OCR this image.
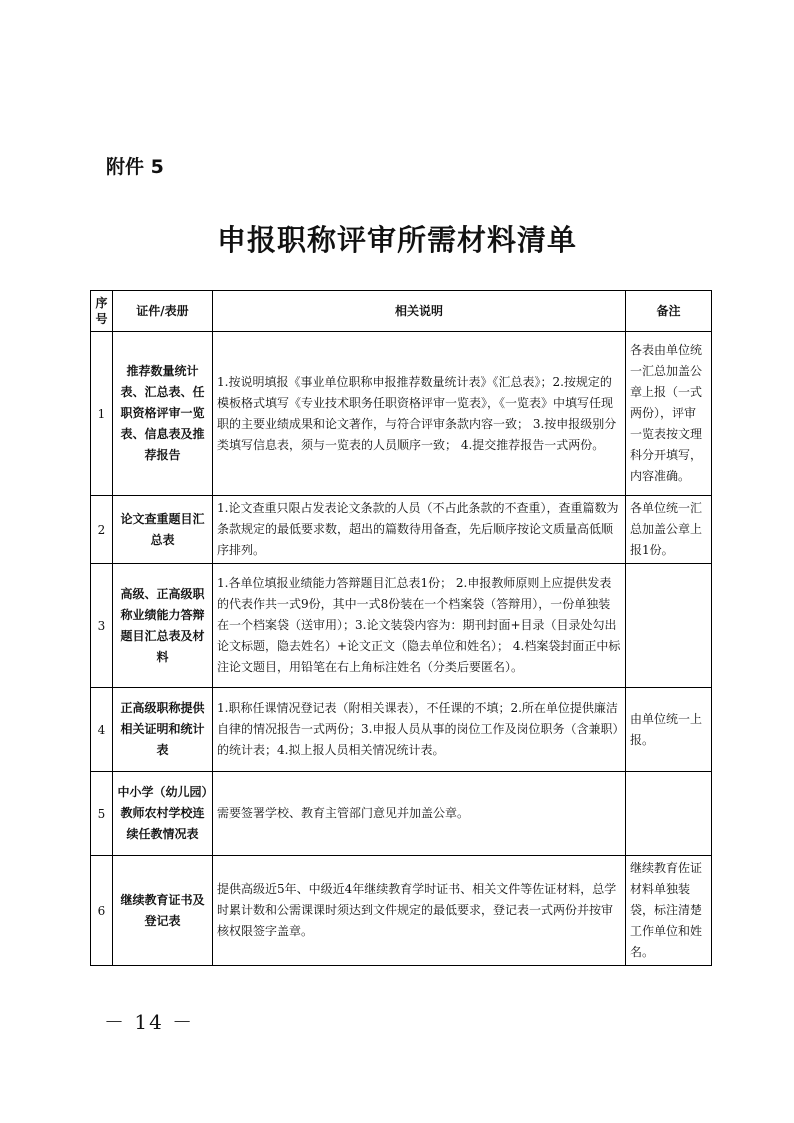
附件 5
申报职称评审所需材料清单
序号	证件/表册	相关说明	备注
1	推荐数量统计表、汇总表、任职资格评审一览表、信息表及推荐报告	1.按说明填报《事业单位职称申报推荐数量统计表》《汇总表》；2.按规定的模板格式填写《专业技术职务任职资格评审一览表》，《一览表》中填写任现职的主要业绩成果和论文著作，与符合评审条款内容一致； 3.按申报级别分类填写信息表，须与一览表的人员顺序一致； 4.提交推荐报告一式两份。	各表由单位统一汇总加盖公章上报（一式两份），评审一览表按文理科分开填写，内容准确。
2	论文查重题目汇总表	1.论文查重只限占发表论文条款的人员（不占此条款的不查重），查重篇数为条款规定的最低要求数，超出的篇数待用备查，先后顺序按论文质量高低顺序排列。	各单位统一汇总加盖公章上报1份。
3	高级、正高级职称业绩能力答辩题目汇总表及材料	1.各单位填报业绩能力答辩题目汇总表1份； 2.申报教师原则上应提供发表的代表作共一式9份，其中一式8份装在一个档案袋（答辩用），一份单独装在一个档案袋（送审用）；3.论文装袋内容为：期刊封面+目录（目录处勾出论文标题，隐去姓名）+论文正文（隐去单位和姓名）； 4.档案袋封面正中标注论文题目，用铅笔在右上角标注姓名（分类后要匿名）。	
4	正高级职称提供相关证明和统计表	1.职称任课情况登记表（附相关课表），不任课的不填；2.所在单位提供廉洁自律的情况报告一式两份；3.申报人员从事的岗位工作及岗位职务（含兼职）的统计表；4.拟上报人员相关情况统计表。	由单位统一上报。
5	中小学（幼儿园）教师农村学校连续任教情况表	需要签署学校、教育主管部门意见并加盖公章。	
6	继续教育证书及登记表	提供高级近5年、中级近4年继续教育学时证书、相关文件等佐证材料，总学时累计数和公需课课时须达到文件规定的最低要求，登记表一式两份并按审核权限签字盖章。	继续教育佐证材料单独装袋，标注清楚工作单位和姓名。
－ 14 －
